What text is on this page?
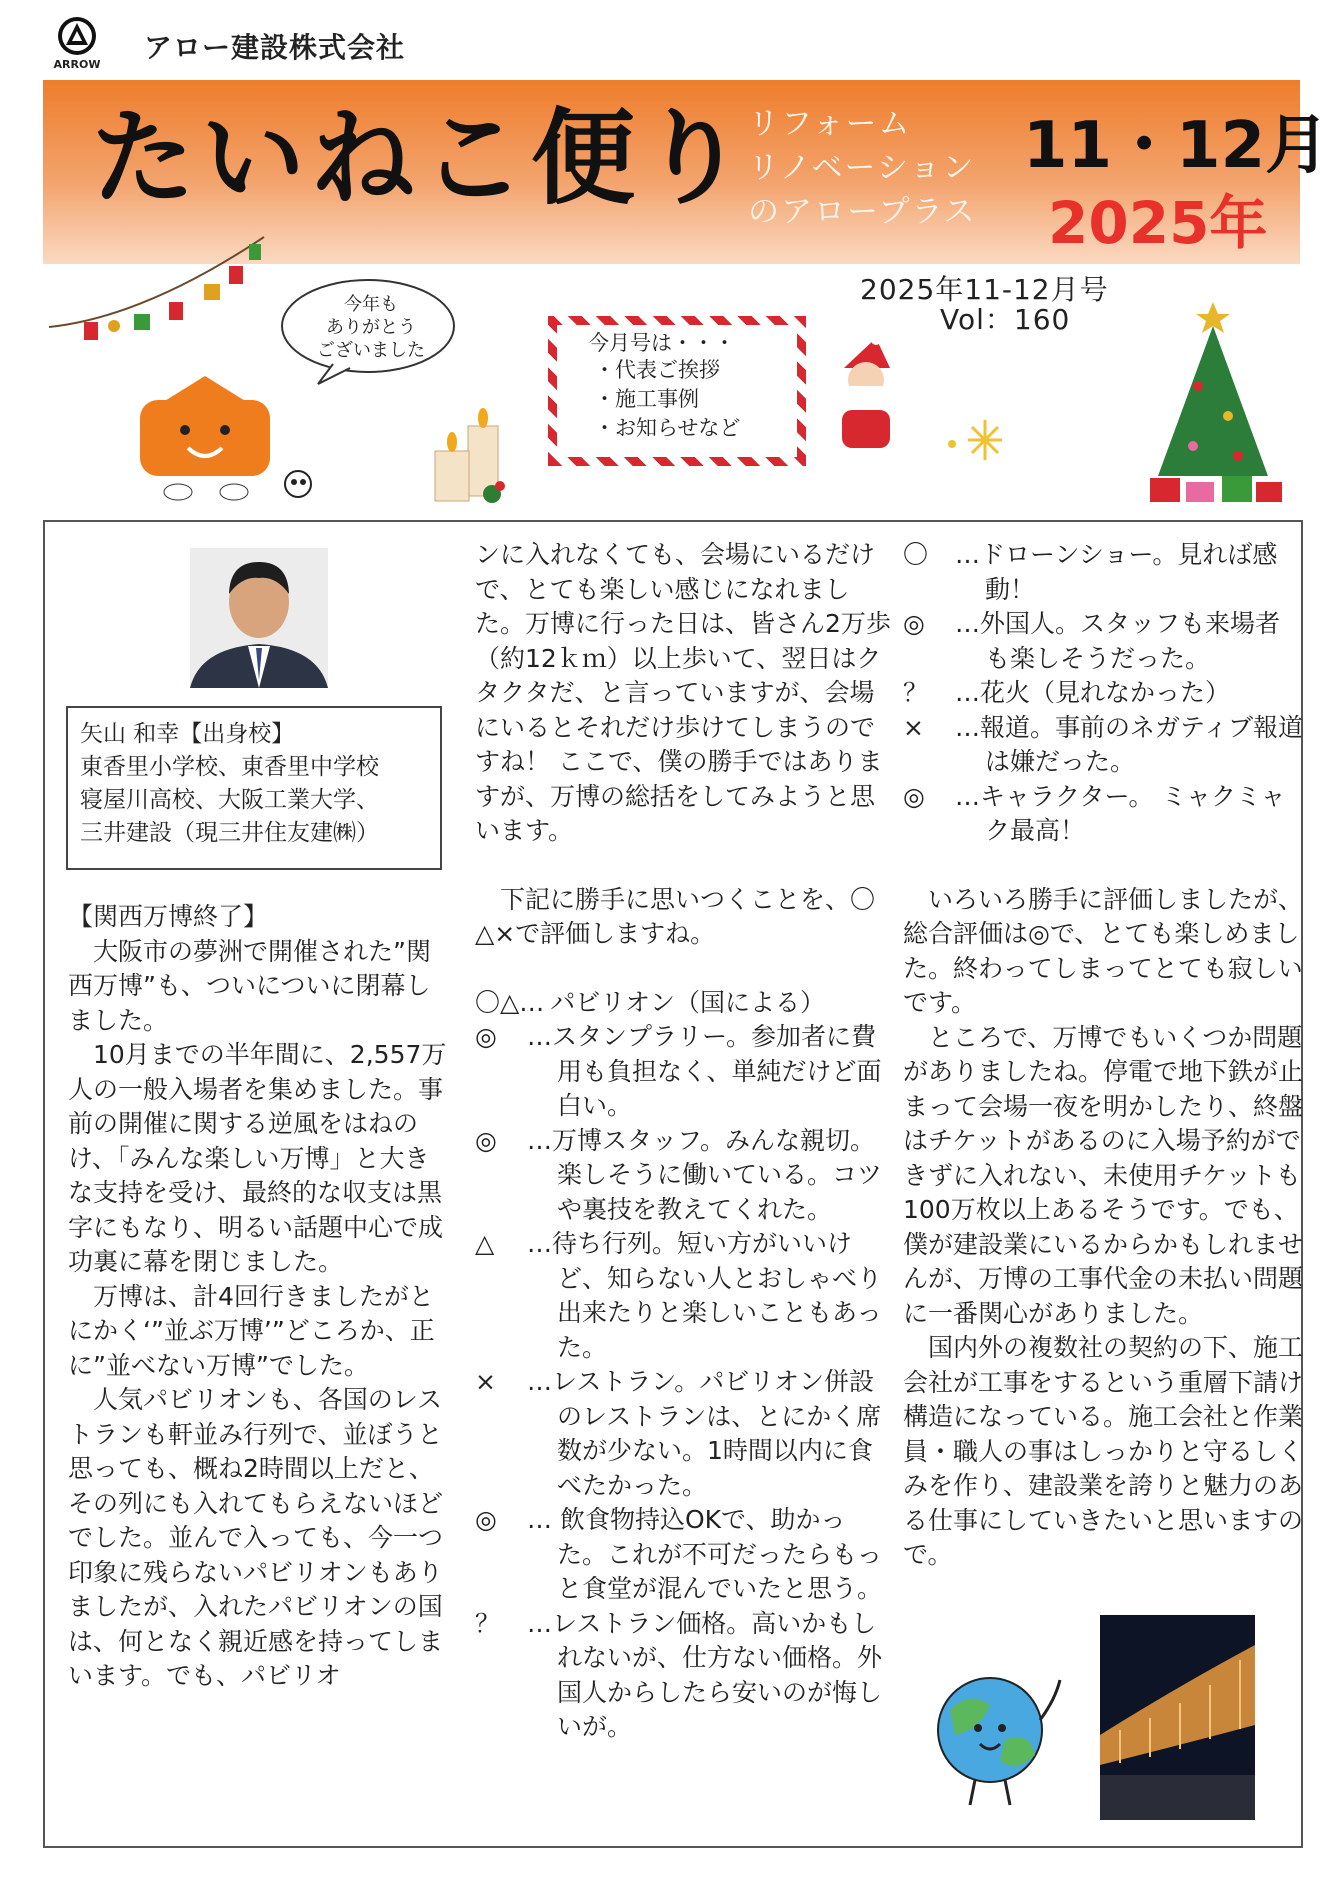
ARROW
アロー建設株式会社
たいねこ便り
リフォーム
リノベーション
のアロープラス
11・12月
2025年
今年も
ありがとう
ございました	今月号は・・・
・代表ご挨拶
・施工事例
・お知らせなど
2025年11-12月号
Vol：160
矢山 和幸【出身校】
東香里小学校、東香里中学校
寝屋川高校、大阪工業大学、
三井建設（現三井住友建㈱）

【関西万博終了】

大阪市の夢洲で開催された”関西万博”も、ついについに閉幕しました。

10月までの半年間に、2,557万人の一般入場者を集めました。事前の開催に関する逆風をはねのけ、「みんな楽しい万博」と大きな支持を受け、最終的な収支は黒字にもなり、明るい話題中心で成功裏に幕を閉じました。

万博は、計4回行きましたがとにかく‘”並ぶ万博’”どころか、正に”並べない万博”でした。

人気パビリオンも、各国のレストランも軒並み行列で、並ぼうと思っても、概ね2時間以上だと、その列にも入れてもらえないほどでした。並んで入っても、今一つ印象に残らないパビリオンもありましたが、入れたパビリオンの国は、何となく親近感を持ってしまいます。でも、パビリオ

ンに入れなくても、会場にいるだけで、とても楽しい感じになれました。万博に行った日は、皆さん2万歩（約12ｋｍ）以上歩いて、翌日はクタクタだ、と言っていますが、会場にいるとそれだけ歩けてしまうのですね！ ここで、僕の勝手ではありますが、万博の総括をしてみようと思います。

下記に勝手に思いつくことを、〇△×で評価しますね。

〇△… パビリオン（国による）
◎	…スタンプラリー。参加者に費用も負担なく、単純だけど面白い。
◎	…万博スタッフ。みんな親切。楽しそうに働いている。コツや裏技を教えてくれた。
△	…待ち行列。短い方がいいけど、知らない人とおしゃべり出来たりと楽しいこともあった。
×	…レストラン。パビリオン併設のレストランは、とにかく席数が少ない。1時間以内に食べたかった。
◎	… 飲食物持込OKで、助かった。これが不可だったらもっと食堂が混んでいたと思う。
？	…レストラン価格。高いかもしれないが、仕方ない価格。外国人からしたら安いのが悔しいが。
〇	…ドローンショー。見れば感動！
◎	…外国人。スタッフも来場者も楽しそうだった。
？	…花火（見れなかった）
×	…報道。事前のネガティブ報道は嫌だった。
◎	…キャラクター。 ミャクミャク最高！

いろいろ勝手に評価しましたが、総合評価は◎で、とても楽しめました。終わってしまってとても寂しいです。

ところで、万博でもいくつか問題がありましたね。停電で地下鉄が止まって会場一夜を明かしたり、終盤はチケットがあるのに入場予約ができずに入れない、未使用チケットも100万枚以上あるそうです。でも、僕が建設業にいるからかもしれませんが、万博の工事代金の未払い問題に一番関心がありました。

国内外の複数社の契約の下、施工会社が工事をするという重層下請け構造になっている。施工会社と作業員・職人の事はしっかりと守るしくみを作り、建設業を誇りと魅力のある仕事にしていきたいと思いますので。
